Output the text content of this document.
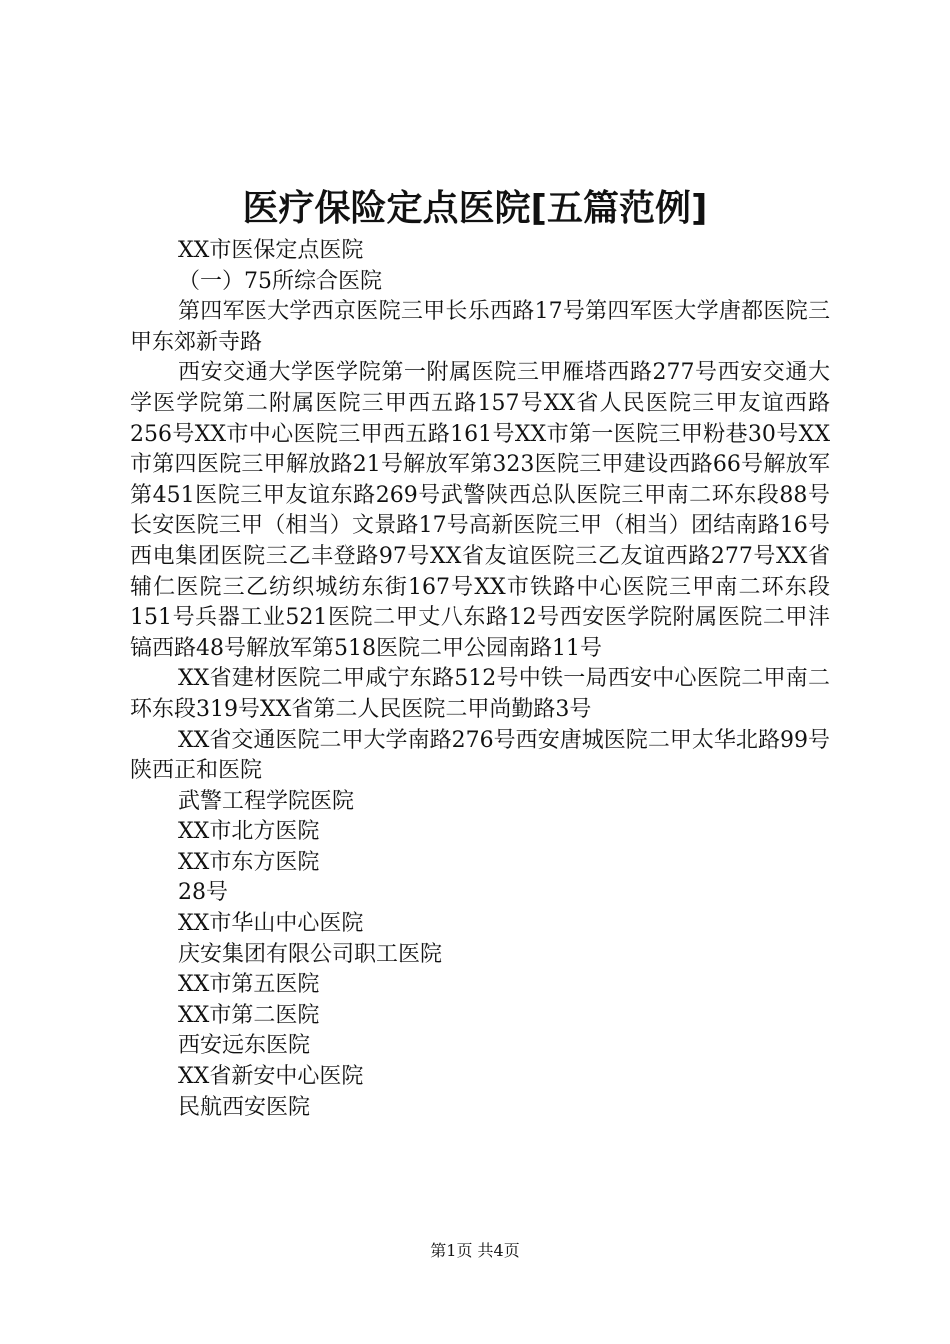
医疗保险定点医院[五篇范例]

XX市医保定点医院

（一）75所综合医院

第四军医大学西京医院三甲长乐西路17号第四军医大学唐都医院三甲东郊新寺路

西安交通大学医学院第一附属医院三甲雁塔西路277号西安交通大学医学院第二附属医院三甲西五路157号XX省人民医院三甲友谊西路256号XX市中心医院三甲西五路161号XX市第一医院三甲粉巷30号XX市第四医院三甲解放路21号解放军第323医院三甲建设西路66号解放军第451医院三甲友谊东路269号武警陕西总队医院三甲南二环东段88号长安医院三甲（相当）文景路17号高新医院三甲（相当）团结南路16号西电集团医院三乙丰登路97号XX省友谊医院三乙友谊西路277号XX省辅仁医院三乙纺织城纺东街167号XX市铁路中心医院三甲南二环东段151号兵器工业521医院二甲丈八东路12号西安医学院附属医院二甲沣镐西路48号解放军第518医院二甲公园南路11号

XX省建材医院二甲咸宁东路512号中铁一局西安中心医院二甲南二环东段319号XX省第二人民医院二甲尚勤路3号

XX省交通医院二甲大学南路276号西安唐城医院二甲太华北路99号陕西正和医院

武警工程学院医院

XX市北方医院

XX市东方医院

28号

XX市华山中心医院

庆安集团有限公司职工医院

XX市第五医院

XX市第二医院

西安远东医院

XX省新安中心医院

民航西安医院

第1页 共4页
